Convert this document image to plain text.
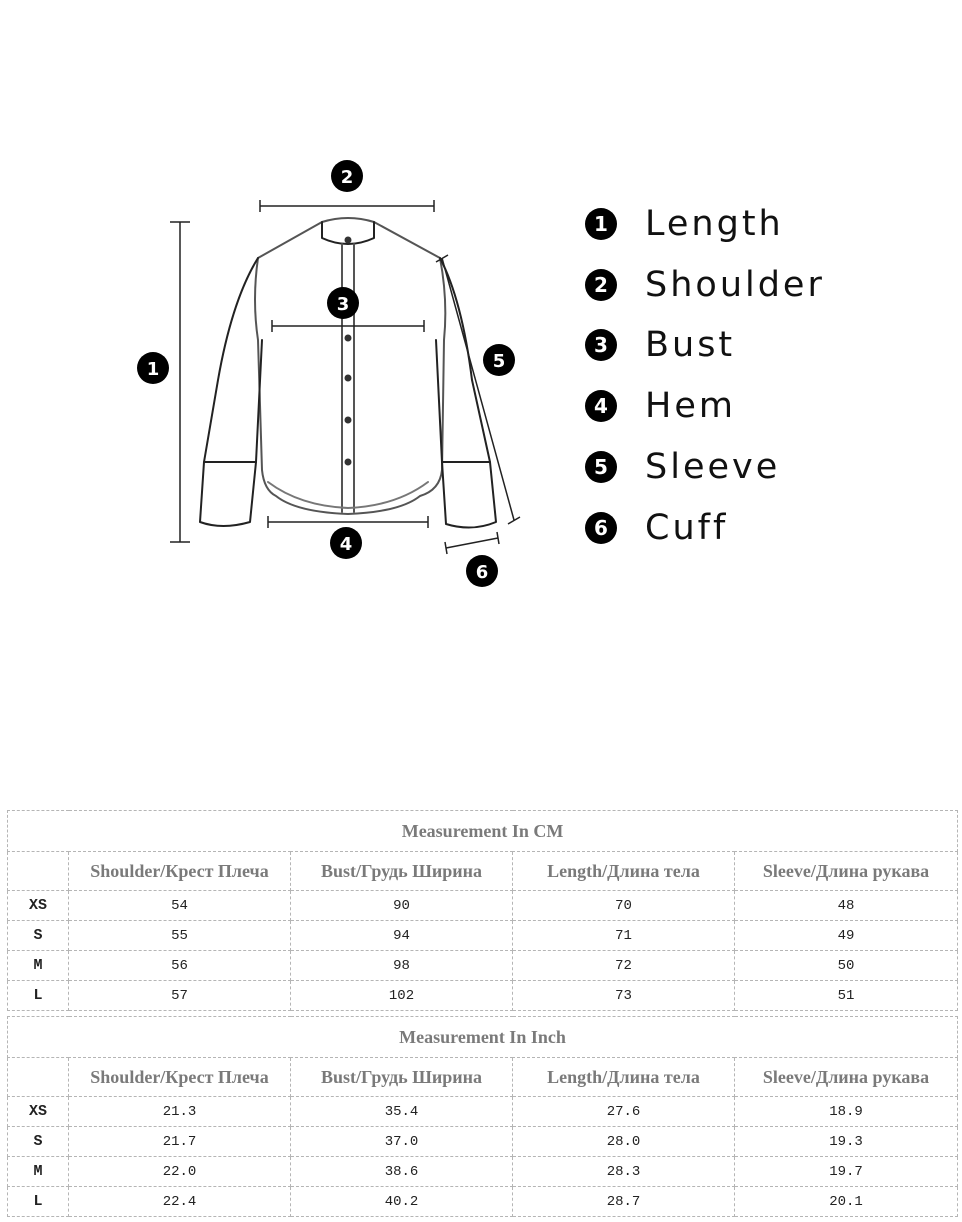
1
2
3
4
5
6
1 Length
2 Shoulder
3 Bust
4 Hem
5 Sleeve
6 Cuff
Measurement In CM				
	Shoulder/Крест Плеча	Bust/Грудь Ширина	Length/Длина тела	Sleeve/Длина рукава
XS	54	90	70	48
S	55	94	71	49
M	56	98	72	50
L	57	102	73	51
Measurement In Inch				
	Shoulder/Крест Плеча	Bust/Грудь Ширина	Length/Длина тела	Sleeve/Длина рукава
XS	21.3	35.4	27.6	18.9
S	21.7	37.0	28.0	19.3
M	22.0	38.6	28.3	19.7
L	22.4	40.2	28.7	20.1
